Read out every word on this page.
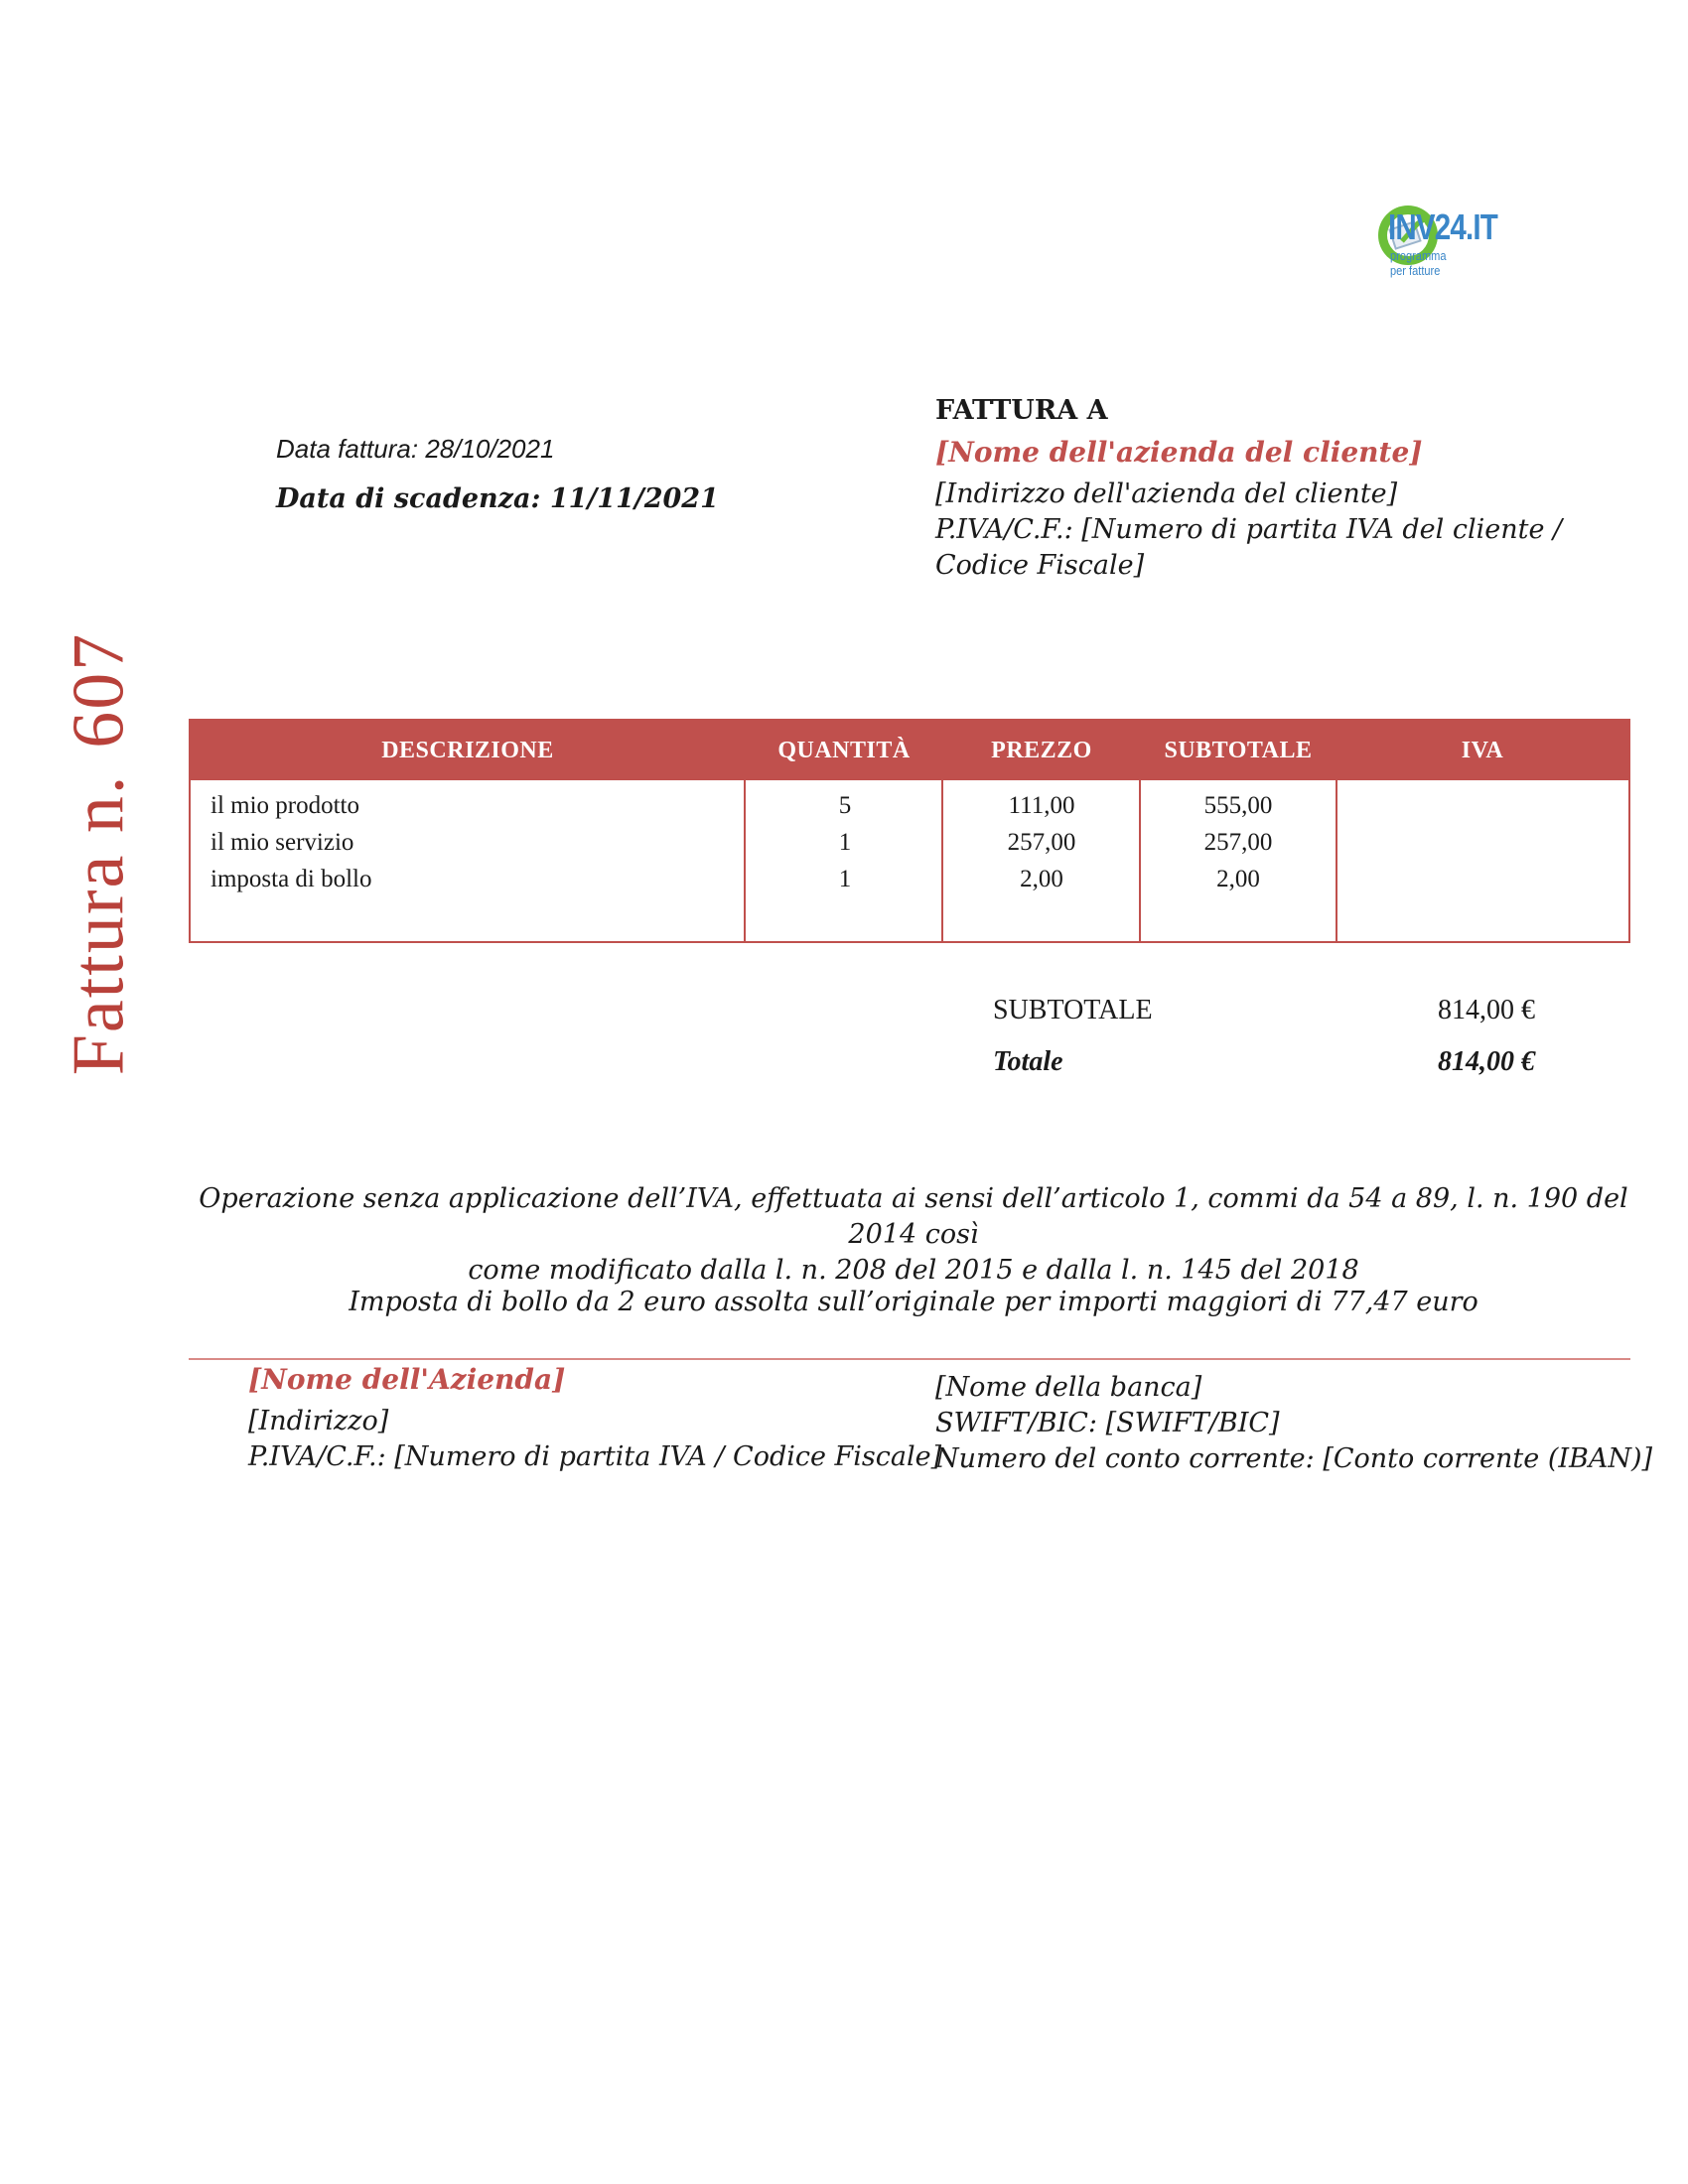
INV24.IT
programma per fatture
Fattura n.607
Data fattura: 28/10/2021
Data di scadenza: 11/11/2021
FATTURA A
[Nome dell'azienda del cliente]
[Indirizzo dell'azienda del cliente]
P.IVA/C.F.: [Numero di partita IVA del cliente /
Codice Fiscale]
DESCRIZIONE	QUANTITÀ	PREZZO	SUBTOTALE	IVA
il mio prodotto	5	111,00	555,00
il mio servizio	1	257,00	257,00
imposta di bollo	1	2,00	2,00
SUBTOTALE	814,00 €
Totale	814,00 €
Operazione senza applicazione dell’IVA, effettuata ai sensi dell’articolo 1, commi da 54 a 89, l. n. 190 del 2014 così
come modificato dalla l. n. 208 del 2015 e dalla l. n. 145 del 2018
Imposta di bollo da 2 euro assolta sull’originale per importi maggiori di 77,47 euro
[Nome dell'Azienda]
[Indirizzo]
P.IVA/C.F.: [Numero di partita IVA / Codice Fiscale]
[Nome della banca]
SWIFT/BIC: [SWIFT/BIC]
Numero del conto corrente: [Conto corrente (IBAN)]
